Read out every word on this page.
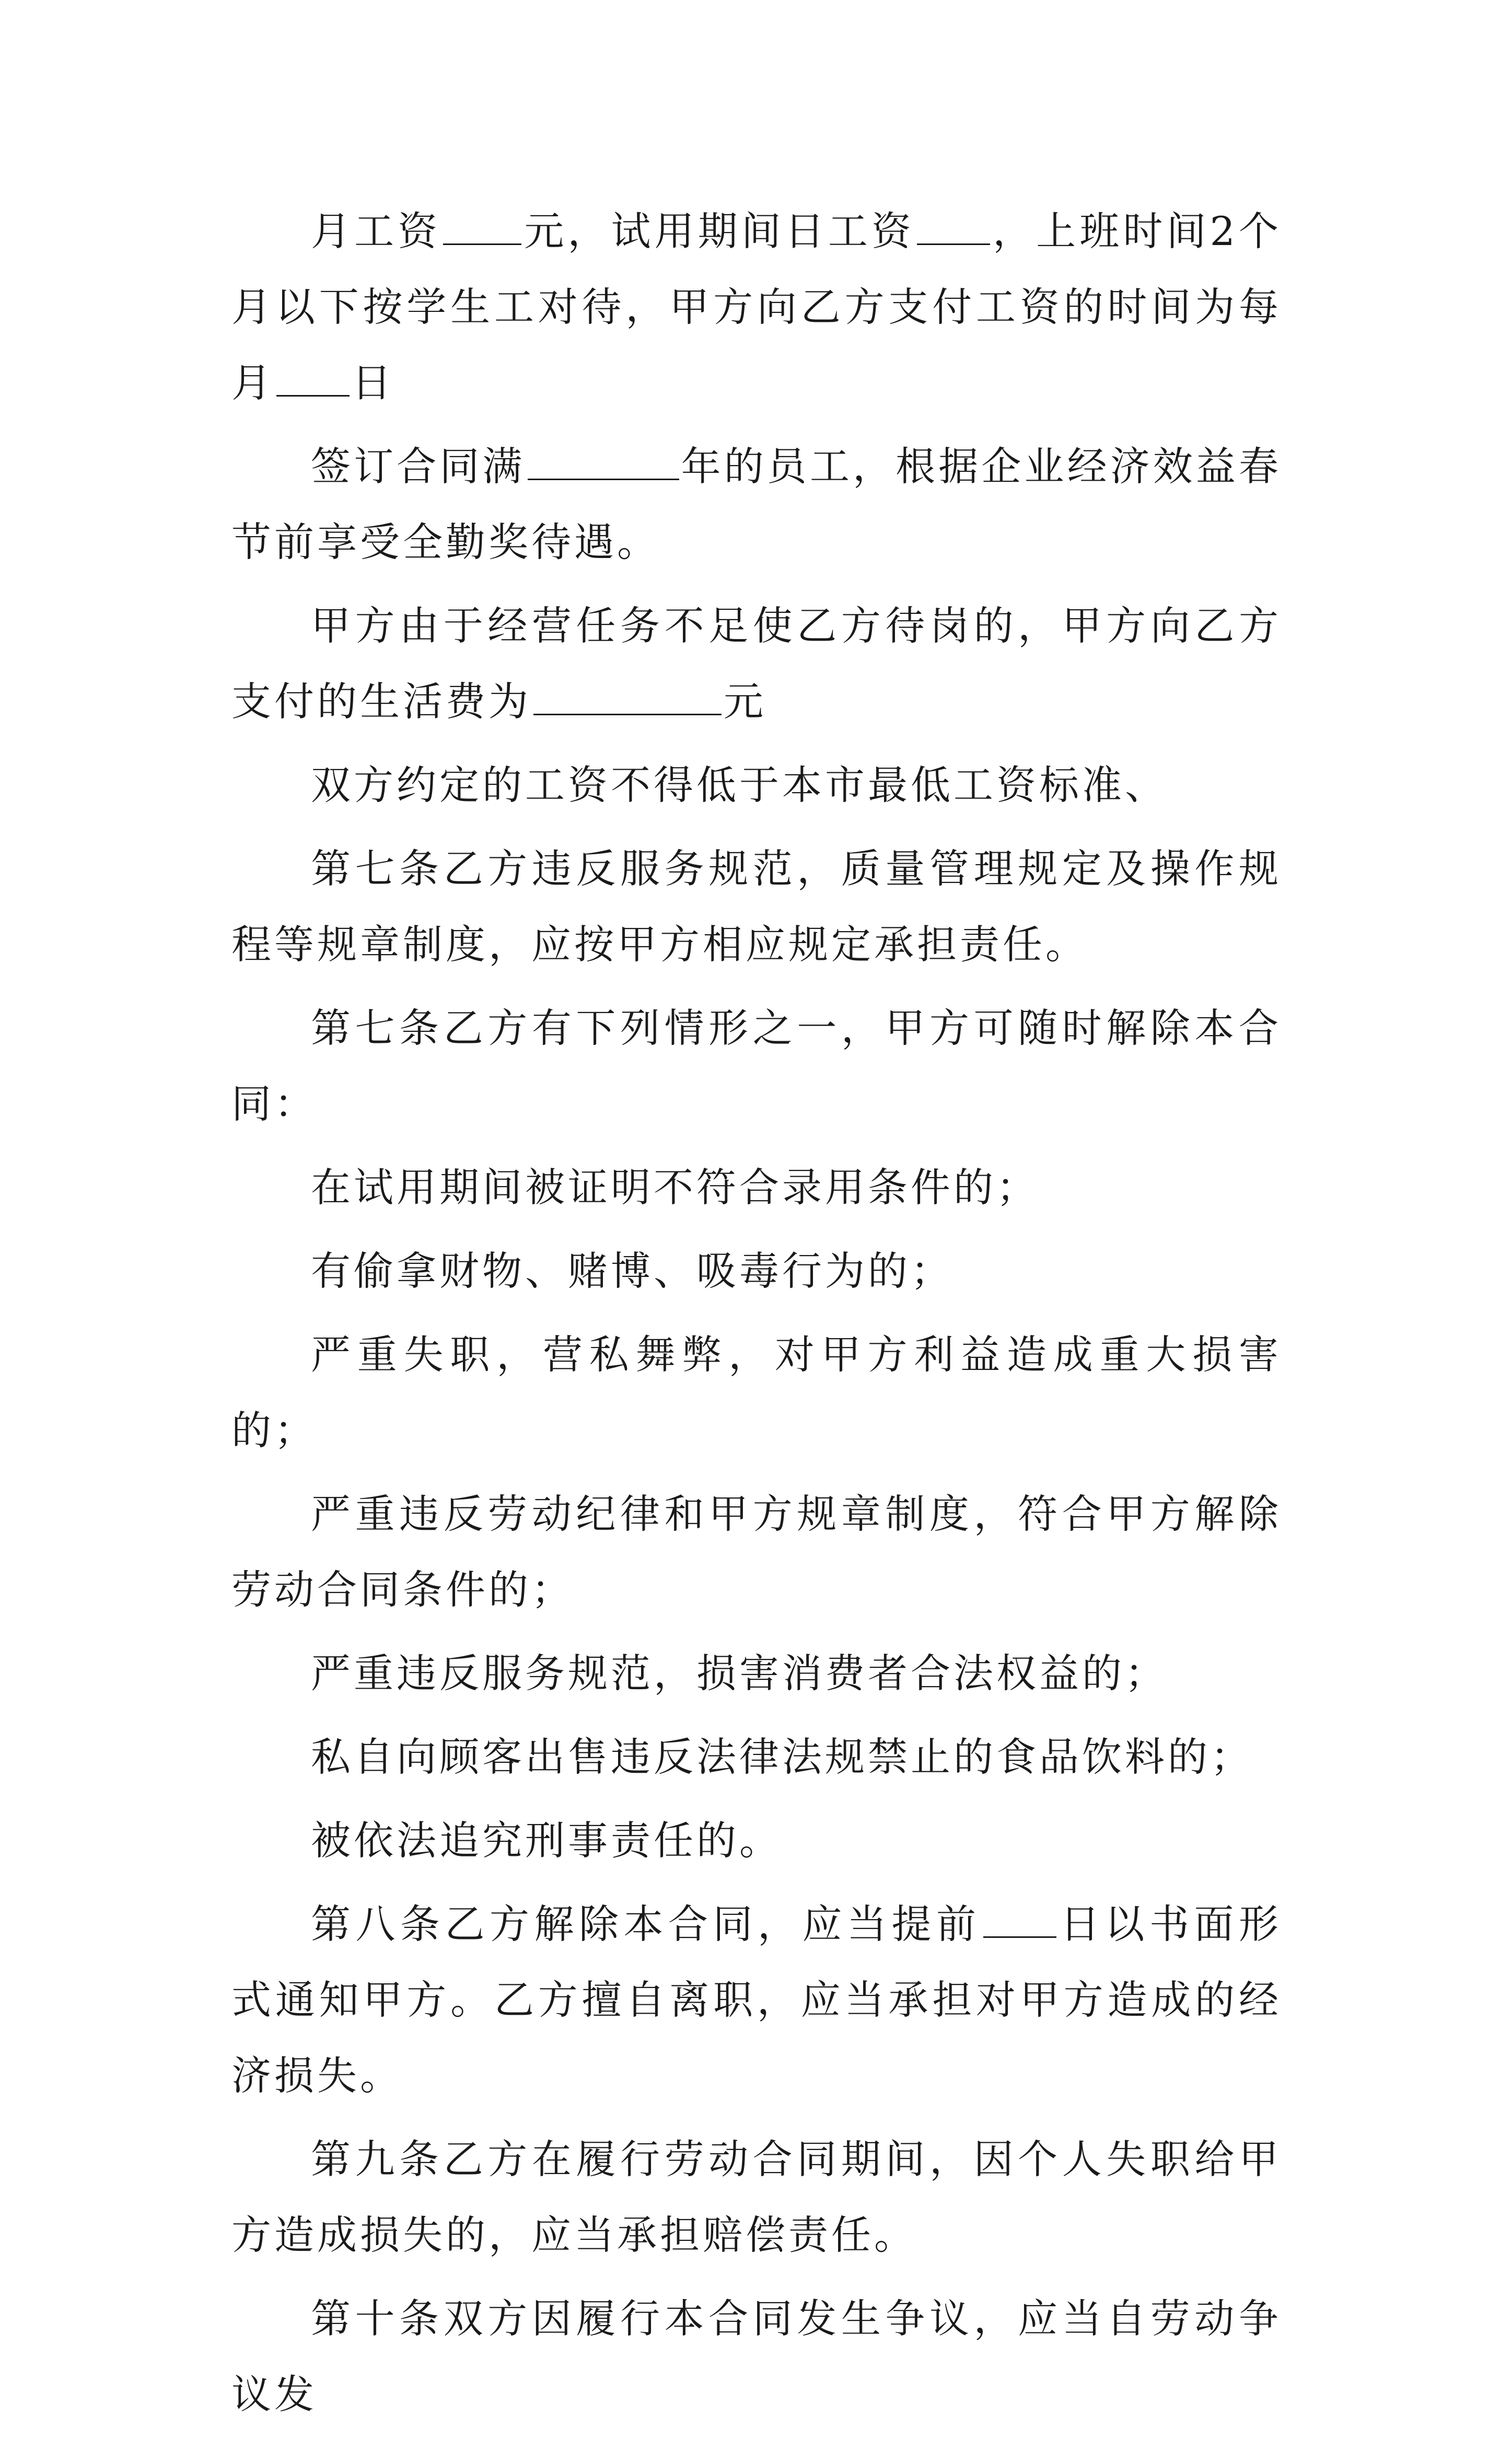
月工资 元，试用期间日工资 ，上班时间2个月以下按学生工对待，甲方向乙方支付工资的时间为每月 日

签订合同满	年的员工，根据企业经济效益春节前享受全勤奖待遇。

甲方由于经营任务不足使乙方待岗的，甲方向乙方支付的生活费为	元

双方约定的工资不得低于本市最低工资标准、

第七条乙方违反服务规范，质量管理规定及操作规程等规章制度，应按甲方相应规定承担责任。

第七条乙方有下列情形之一，甲方可随时解除本合同：

在试用期间被证明不符合录用条件的；

有偷拿财物、赌博、吸毒行为的；

严重失职，营私舞弊，对甲方利益造成重大损害的；

严重违反劳动纪律和甲方规章制度，符合甲方解除劳动合同条件的；

严重违反服务规范，损害消费者合法权益的；

私自向顾客出售违反法律法规禁止的食品饮料的；

被依法追究刑事责任的。

第八条乙方解除本合同，应当提前 日以书面形式通知甲方。乙方擅自离职，应当承担对甲方造成的经济损失。

第九条乙方在履行劳动合同期间，因个人失职给甲方造成损失的，应当承担赔偿责任。

第十条双方因履行本合同发生争议，应当自劳动争议发
